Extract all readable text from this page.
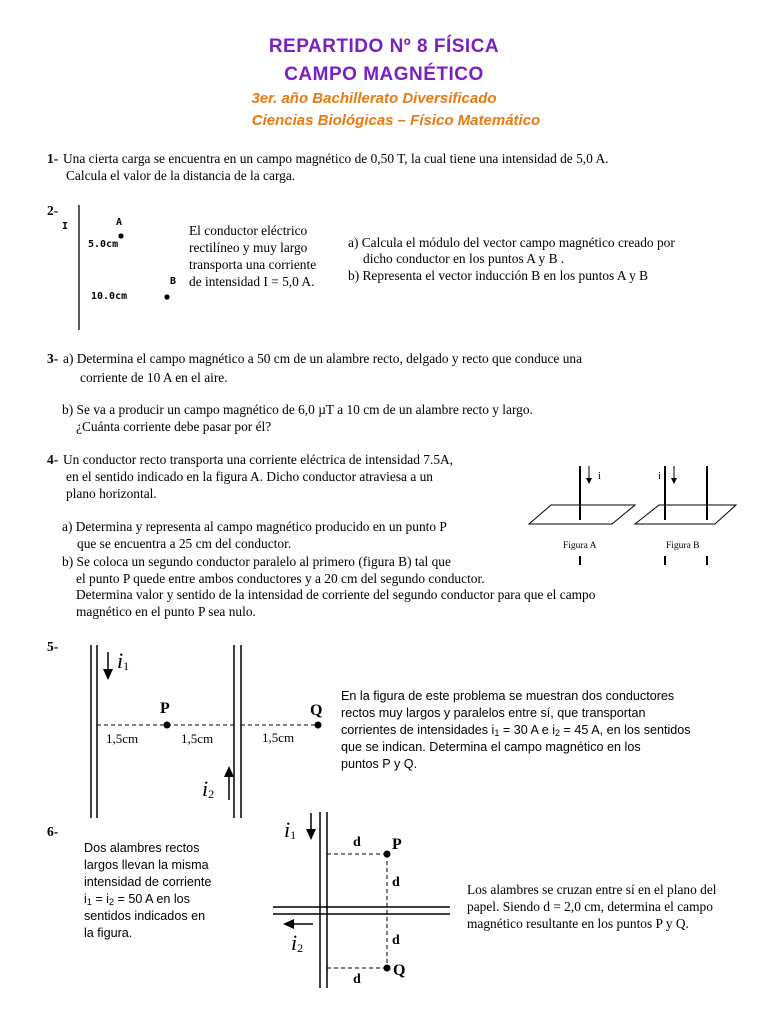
REPARTIDO Nº 8 FÍSICA
CAMPO MAGNÉTICO
3er. año Bachillerato Diversificado
Ciencias Biológicas – Físico Matemático
1- Una cierta carga se encuentra en un campo magnético de 0,50 T, la cual tiene una intensidad de 5,0 A.
Calcula el valor de la distancia de la carga.
2-
I	A
5.0cm
B
10.0cm
El conductor eléctrico
rectilíneo y muy largo
transporta una corriente
de intensidad I = 5,0 A.
a) Calcula el módulo del vector campo magnético creado por
dicho conductor en los puntos A y B .
b) Representa el vector inducción B en los puntos A y B
3- a) Determina el campo magnético a 50 cm de un alambre recto, delgado y recto que conduce una
corriente de 10 A en el aire.
b) Se va a producir un campo magnético de 6,0 µT a 10 cm de un alambre recto y largo.
¿Cuánta corriente debe pasar por él?
4- Un conductor recto transporta una corriente eléctrica de intensidad 7.5A,
en el sentido indicado en la figura A. Dicho conductor atraviesa a un
plano horizontal.
a) Determina y representa al campo magnético producido en un punto P
que se encuentra a 25 cm del conductor.
b) Se coloca un segundo conductor paralelo al primero (figura B) tal que
el punto P quede entre ambos conductores y a 20 cm del segundo conductor.
Determina valor y sentido de la intensidad de corriente del segundo conductor para que el campo
magnético en el punto P sea nulo.
i	i
Figura A	Figura B
5-
$i_1$
$i_2$
P	Q
1,5cm	1,5cm	1,5cm
En la figura de este problema se muestran dos conductores
rectos muy largos y paralelos entre sí, que transportan
corrientes de intensidades $i_1 = 30$ A e $i_2 = 45$ A, en los sentidos
que se indican. Determina el campo magnético en los
puntos P y Q.
6-
Dos alambres rectos
largos llevan la misma
intensidad de corriente
$i_1 = i_2 = 50$ A en los
sentidos indicados en
la figura.
$i_1$
$i_2$
d
d
d
d
P
Q
Los alambres se cruzan entre sí en el plano del
papel. Siendo d = 2,0 cm, determina el campo
magnético resultante en los puntos P y Q.
